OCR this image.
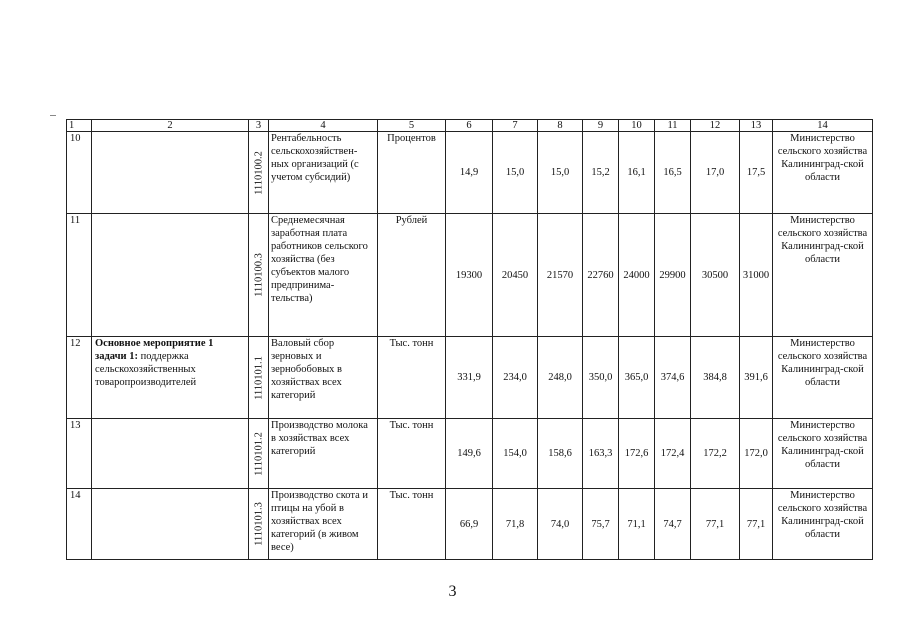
1	2	3	4	5	6	7	8	9	10	11	12	13	14
10		1110100.2	Рентабельность сельскохозяйствен-ных организаций (с учетом субсидий)	Процентов	14,9	15,0	15,0	15,2	16,1	16,5	17,0	17,5	Министерство сельского хозяйства Калининград-ской области
11		1110100.3	Среднемесячная заработная плата работников сельского хозяйства (без субъектов малого предпринима-тельства)	Рублей	19300	20450	21570	22760	24000	29900	30500	31000	Министерство сельского хозяйства Калининград-ской области
12	Основное мероприятие 1 задачи 1: поддержка сельскохозяйственных товаропроизводителей	1110101.1	Валовый сбор зерновых и зернобобовых в хозяйствах всех категорий	Тыс. тонн	331,9	234,0	248,0	350,0	365,0	374,6	384,8	391,6	Министерство сельского хозяйства Калининград-ской области
13		1110101.2	Производство молока в хозяйствах всех категорий	Тыс. тонн	149,6	154,0	158,6	163,3	172,6	172,4	172,2	172,0	Министерство сельского хозяйства Калининград-ской области
14		1110101.3	Производство скота и птицы на убой в хозяйствах всех категорий (в живом весе)	Тыс. тонн	66,9	71,8	74,0	75,7	71,1	74,7	77,1	77,1	Министерство сельского хозяйства Калининград-ской области
3
